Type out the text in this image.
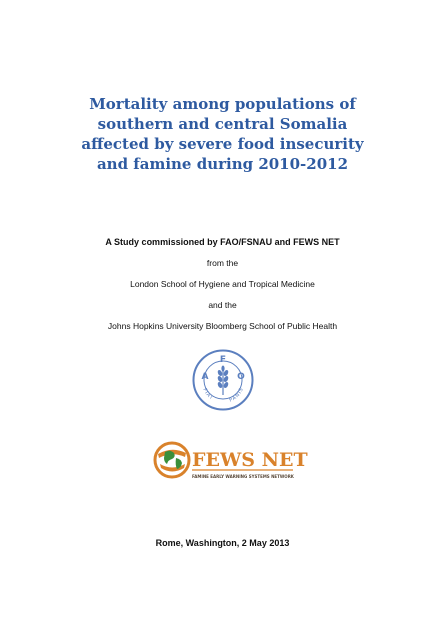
Mortality among populations of
southern and central Somalia
affected by severe food insecurity
and famine during 2010-2012
A Study commissioned by FAO/FSNAU and FEWS NET
from the
London School of Hygiene and Tropical Medicine
and the
Johns Hopkins University Bloomberg School of Public Health
F
A	O
FIAT	PANIS
FEWS NET
FAMINE EARLY WARNING SYSTEMS NETWORK
Rome, Washington, 2 May 2013
